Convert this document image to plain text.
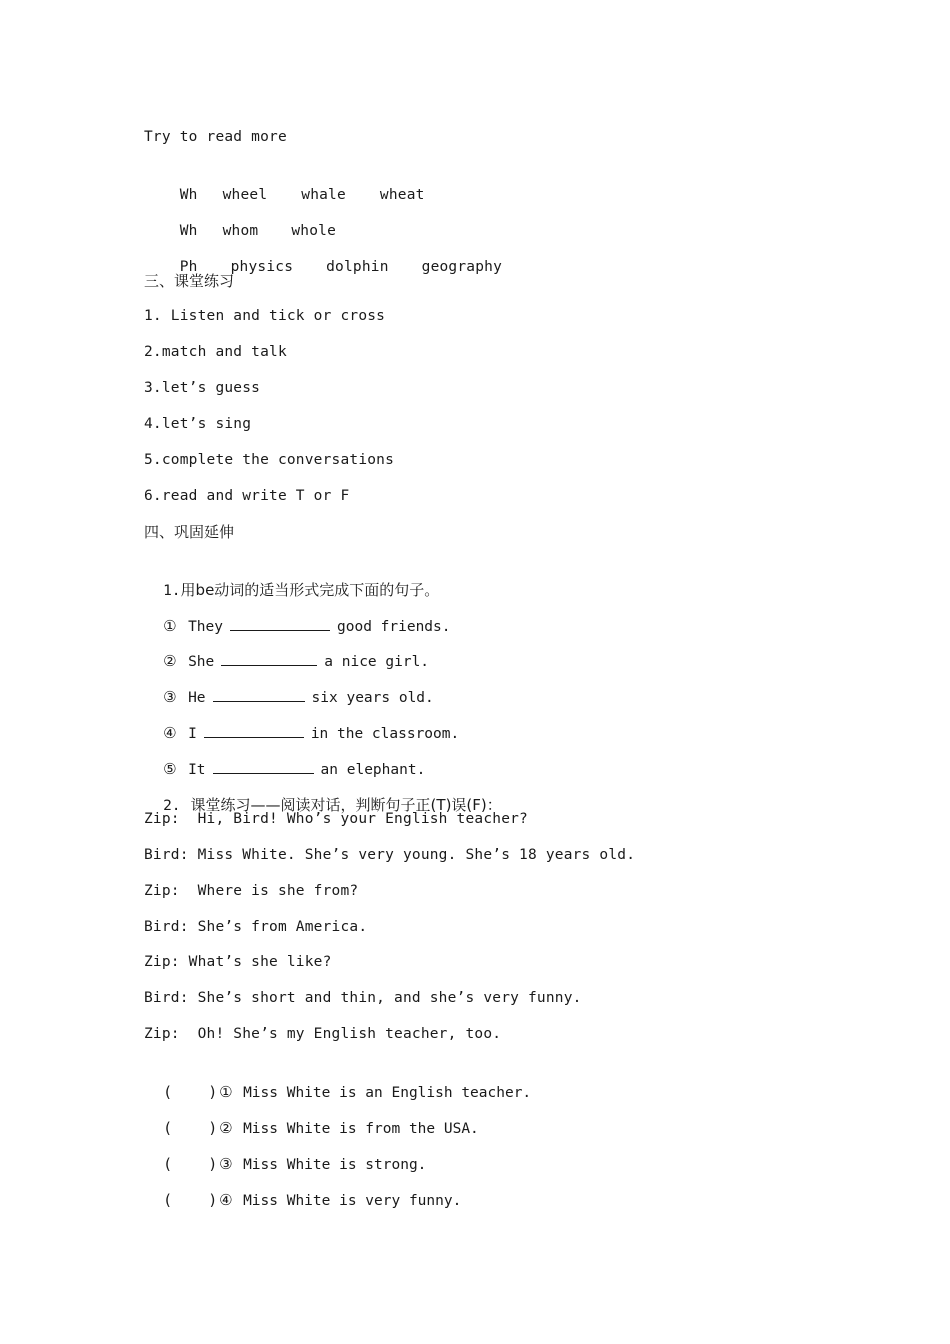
Try to read more

Wh wheel whale wheat

Wh whom whole

Ph physics dolphin geography

三、课堂练习
1. Listen and tick or cross
2.match and talk
3.let’s guess
4.let’s sing
5.complete the conversations
6.read and write T or F
四、巩固延伸

1.用be动词的适当形式完成下面的句子。

① They	good friends.

② She	a nice girl.

③ He	six years old.

④ I	in the classroom.

⑤ It	an elephant.

2. 课堂练习——阅读对话，判断句子正(T)误(F)：

Zip:  Hi, Bird! Who’s your English teacher?
Bird: Miss White. She’s very young. She’s 18 years old.
Zip:  Where is she from?
Bird: She’s from America.
Zip: What’s she like?
Bird: She’s short and thin, and she’s very funny.
Zip:  Oh! She’s my English teacher, too.

(    ) ① Miss White is an English teacher.

(    ) ② Miss White is from the USA.

(    ) ③ Miss White is strong.

(    ) ④ Miss White is very funny.
